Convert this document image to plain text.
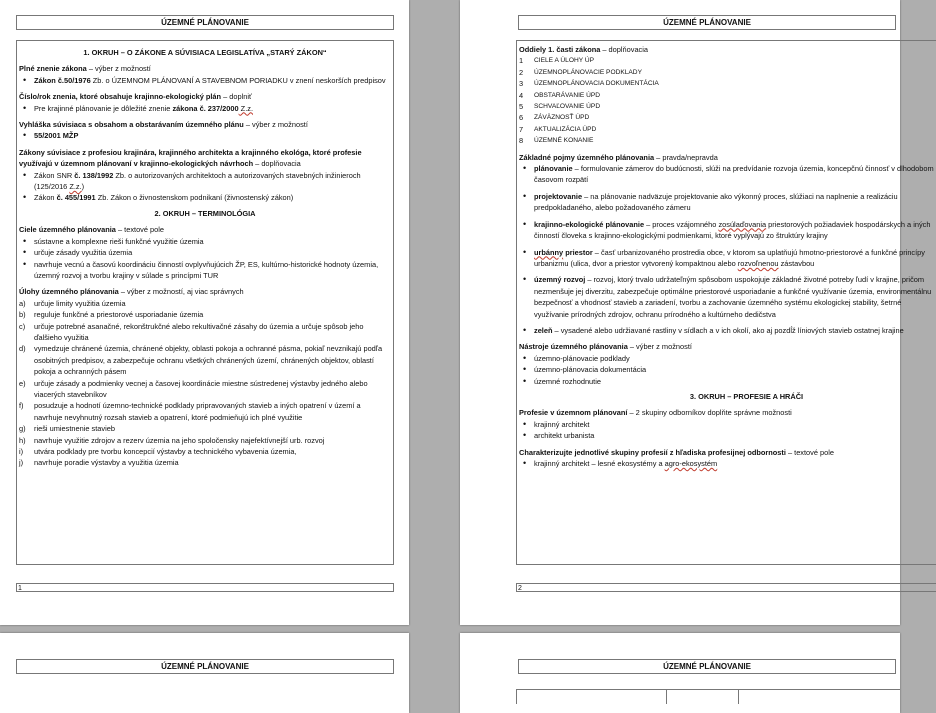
ÚZEMNÉ PLÁNOVANIE
1. OKRUH – O ZÁKONE A SÚVISIACA LEGISLATÍVA „STARÝ ZÁKON“
Plné znenie zákona – výber z možností
• Zákon č.50/1976 Zb. o ÚZEMNOM PLÁNOVANÍ A STAVEBNOM PORIADKU v znení neskorších predpisov
Číslo/rok znenia, ktoré obsahuje krajinno-ekologický plán – doplniť
• Pre krajinné plánovanie je dôležité znenie zákona č. 237/2000 Z.z.
Vyhláška súvisiaca s obsahom a obstarávaním územného plánu – výber z možností
• 55/2001 MŽP
Zákony súvisiace z profesiou krajinára, krajinného architekta a krajinného ekológa, ktoré profesie využívajú v územnom plánovaní v krajinno-ekologických návrhoch – doplňovacia
• Zákon SNR č. 138/1992 Zb. o autorizovaných architektoch a autorizovaných stavebných inžinieroch (125/2016 Z.z.)
• Zákon č. 455/1991 Zb. Zákon o živnostenskom podnikaní (živnostenský zákon)
2. OKRUH – TERMINOLÓGIA
Ciele územného plánovania – textové pole
• sústavne a komplexne rieši funkčné využitie územia
• určuje zásady využitia územia
• navrhuje vecnú a časovú koordináciu činností ovplyvňujúcich ŽP, ES, kultúrno-historické hodnoty územia, územný rozvoj a tvorbu krajiny v súlade s princípmi TUR
Úlohy územného plánovania – výber z možností, aj viac správnych
a) určuje limity využitia územia
b) reguluje funkčné a priestorové usporiadanie územia
c) určuje potrebné asanačné, rekonštrukčné alebo rekultivačné zásahy do územia a určuje spôsob jeho ďalšieho využitia
d) vymedzuje chránené územia, chránené objekty, oblasti pokoja a ochranné pásma, pokiaľ nevznikajú podľa osobitných predpisov, a zabezpečuje ochranu všetkých chránených území, chránených objektov, oblastí pokoja a ochranných pásem
e) určuje zásady a podmienky vecnej a časovej koordinácie miestne sústredenej výstavby jedného alebo viacerých stavebníkov
f) posudzuje a hodnotí územno-technické podklady pripravovaných stavieb a iných opatrení v území a navrhuje nevyhnutný rozsah stavieb a opatrení, ktoré podmieňujú ich plné využitie
g) rieši umiestnenie stavieb
h) navrhuje využitie zdrojov a rezerv územia na jeho spoločensky najefektívnejší urb. rozvoj
i) utvára podklady pre tvorbu koncepcií výstavby a technického vybavenia územia,
j) navrhuje poradie výstavby a využitia územia
1
ÚZEMNÉ PLÁNOVANIE
Oddiely 1. časti zákona – doplňovacia
1 CIELE A ÚLOHY ÚP
2 ÚZEMNOPLÁNOVACIE PODKLADY
3 ÚZEMNOPLÁNOVACIA DOKUMENTÁCIA
4 OBSTARÁVANIE ÚPD
5 SCHVAĽOVANIE ÚPD
6 ZÁVÄZNOSŤ ÚPD
7 AKTUALIZÁCIA ÚPD
8 ÚZEMNÉ KONANIE
Základné pojmy územného plánovania – pravda/nepravda
• plánovanie – formulovanie zámerov do budúcnosti, slúži na predvídanie rozvoja územia, koncepčnú činnosť v dlhodobom časovom rozpätí
• projektovanie – na plánovanie nadväzuje projektovanie ako výkonný proces, slúžiaci na naplnenie a realizáciu predpokladaného, alebo požadovaného zámeru
• krajinno-ekologické plánovanie – proces vzájomného zosúlaďovania priestorových požiadaviek hospodárskych a iných činností človeka s krajinno-ekologickými podmienkami, ktoré vyplývajú zo štruktúry krajiny
• urbánny priestor – časť urbanizovaného prostredia obce, v ktorom sa uplatňujú hmotno-priestorové a funkčné princípy urbanizmu (ulica, dvor a priestor vytvorený kompaktnou alebo rozvoľnenou zástavbou
• územný rozvoj – rozvoj, ktorý trvalo udržateľným spôsobom uspokojuje základné životné potreby ľudí v krajine, pričom nezmenšuje jej diverzitu, zabezpečuje optimálne priestorové usporiadanie a funkčné využívanie územia, environmentálnu bezpečnosť a vhodnosť stavieb a zariadení, tvorbu a zachovanie územného systému ekologickej stability, šetrné využívanie prírodných zdrojov, ochranu prírodného a kultúrneho dedičstva
• zeleň – vysadené alebo udržiavané rastliny v sídlach a v ich okolí, ako aj pozdĺž líniových stavieb ostatnej krajine
Nástroje územného plánovania – výber z možností
• územno-plánovacie podklady
• územno-plánovacia dokumentácia
• územné rozhodnutie
3. OKRUH – PROFESIE A HRÁČI
Profesie v územnom plánovaní – 2 skupiny odborníkov doplňte správne možnosti
• krajinný architekt
• architekt urbanista
Charakterizujte jednotlivé skupiny profesií z hľadiska profesijnej odbornosti – textové pole
• krajinný architekt – lesné ekosystémy a agro-ekosystém
2
ÚZEMNÉ PLÁNOVANIE	ÚZEMNÉ PLÁNOVANIE
